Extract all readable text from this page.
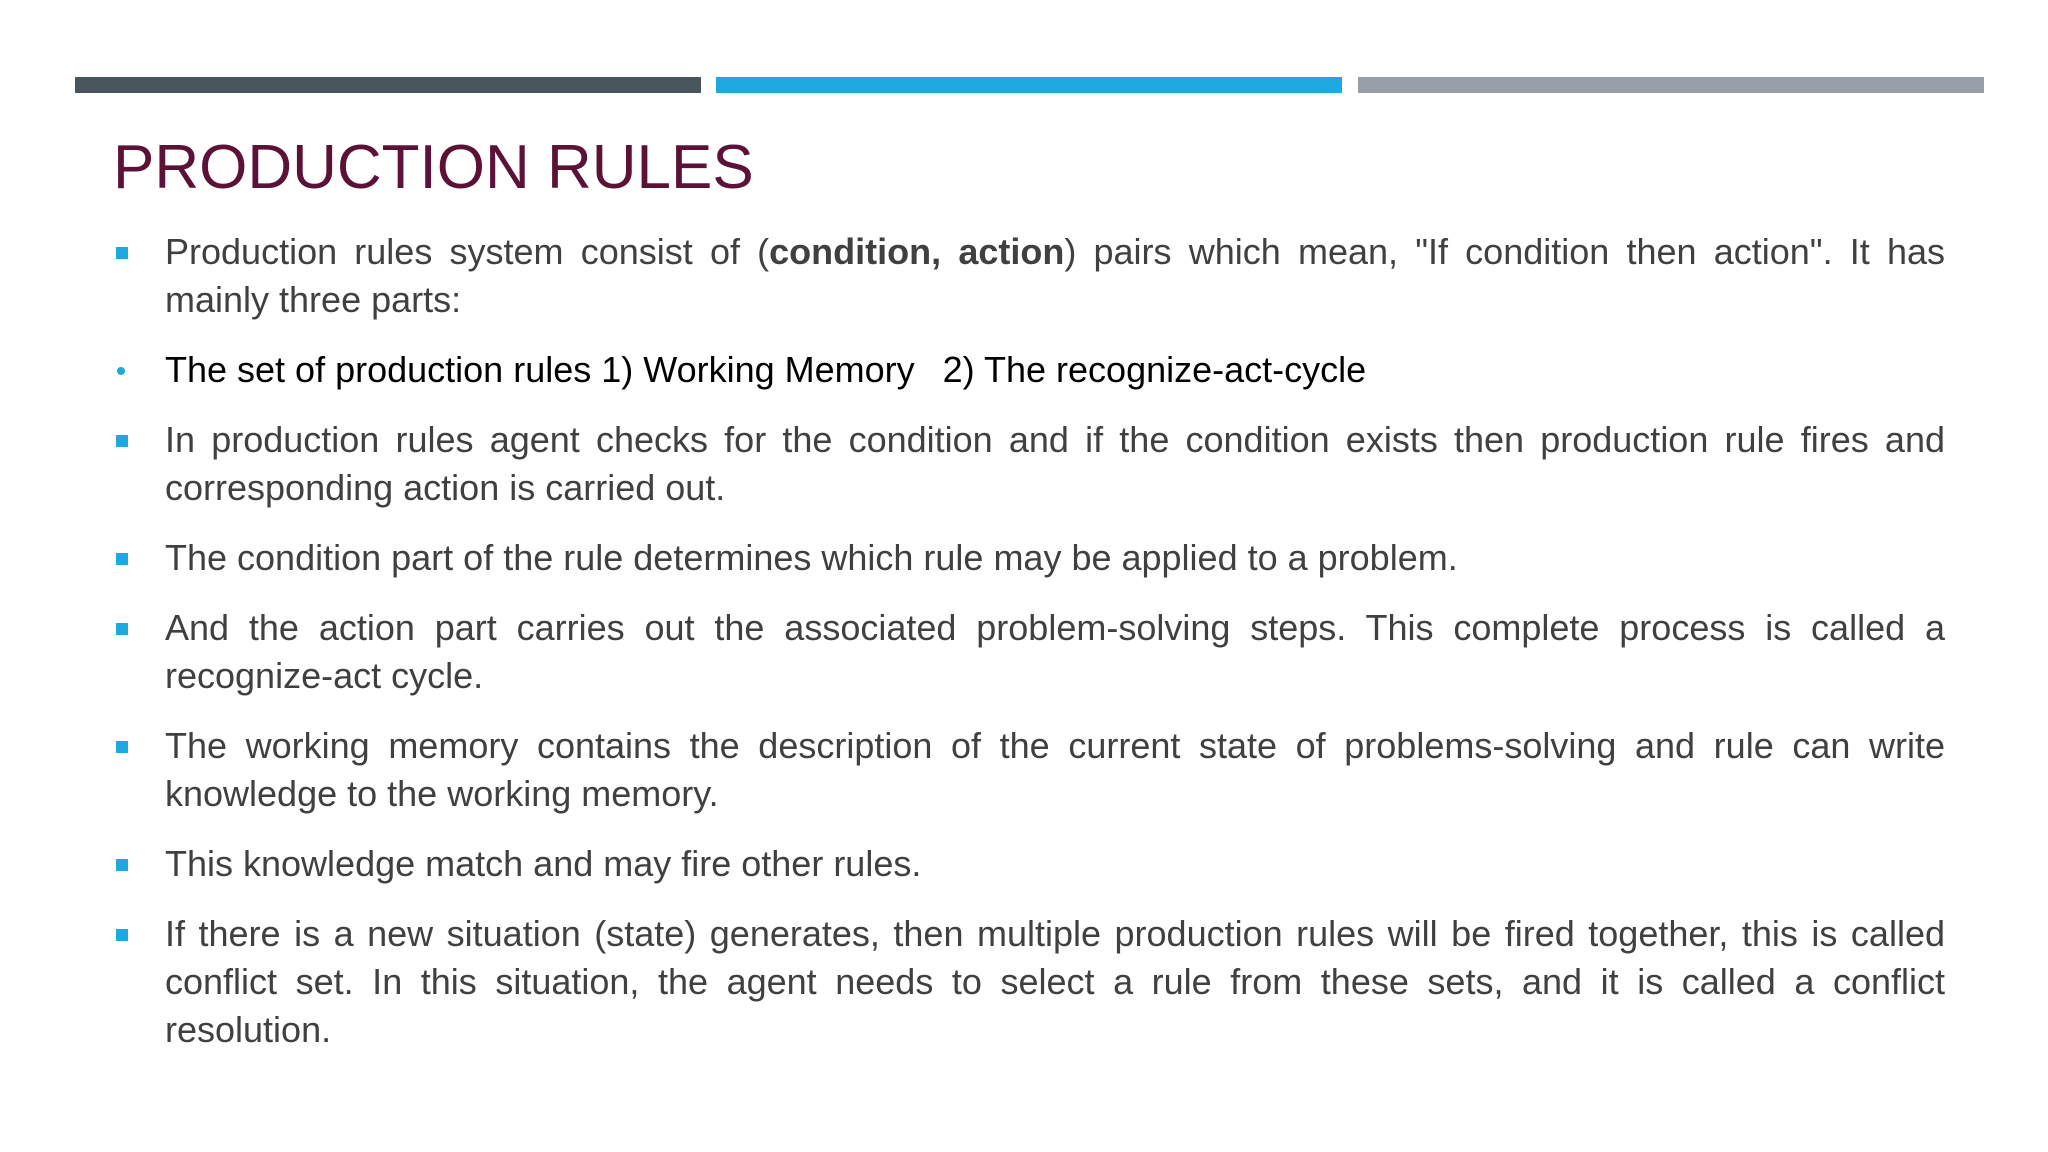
PRODUCTION RULES
Production rules system consist of (condition, action) pairs which mean, "If condition then action". It has mainly three parts:
The set of production rules 1) Working Memory 2) The recognize-act-cycle
In production rules agent checks for the condition and if the condition exists then production rule fires and corresponding action is carried out.
The condition part of the rule determines which rule may be applied to a problem.
And the action part carries out the associated problem-solving steps. This complete process is called a recognize-act cycle.
The working memory contains the description of the current state of problems-solving and rule can write knowledge to the working memory.
This knowledge match and may fire other rules.
If there is a new situation (state) generates, then multiple production rules will be fired together, this is called conflict set. In this situation, the agent needs to select a rule from these sets, and it is called a conflict resolution.
